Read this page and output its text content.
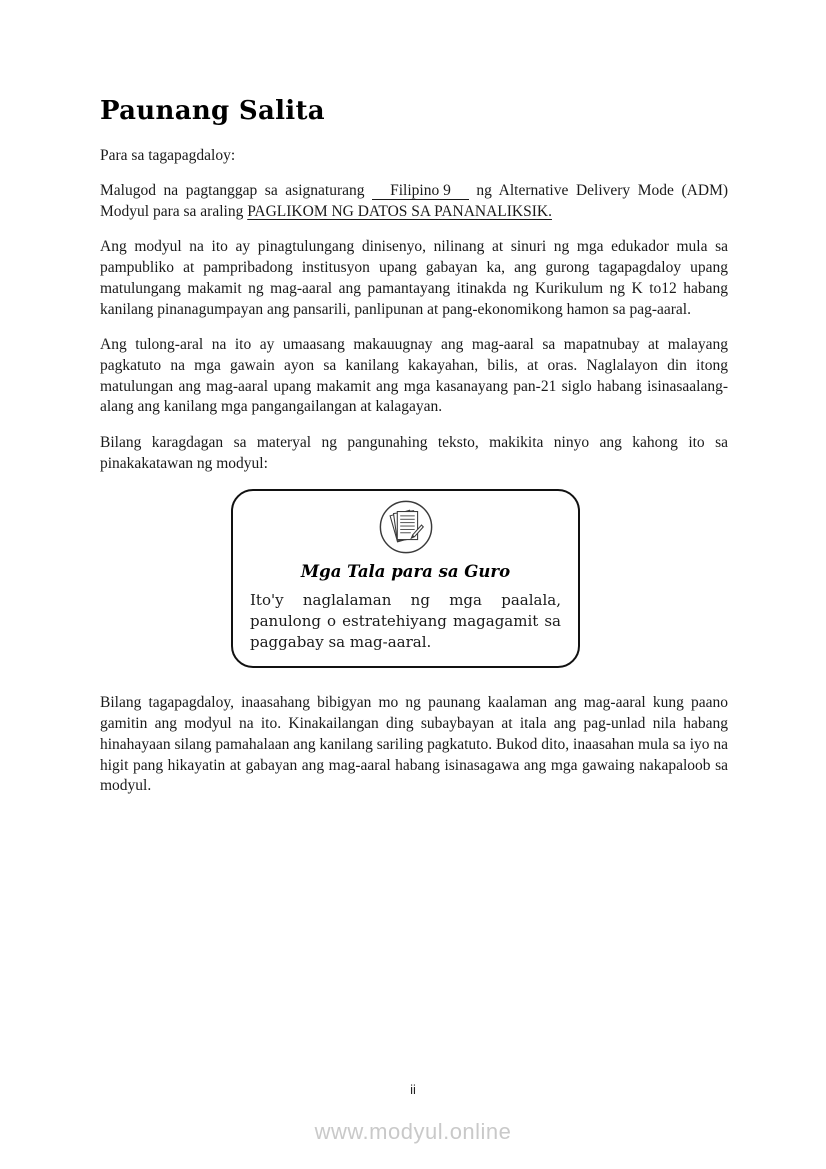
Paunang Salita

Para sa tagapagdaloy:

Malugod na pagtanggap sa asignaturang Filipino 9 ng Alternative Delivery Mode (ADM) Modyul para sa araling PAGLIKOM NG DATOS SA PANANALIKSIK.

Ang modyul na ito ay pinagtulungang dinisenyo, nilinang at sinuri ng mga edukador mula sa pampubliko at pampribadong institusyon upang gabayan ka, ang gurong tagapagdaloy upang matulungang makamit ng mag-aaral ang pamantayang itinakda ng Kurikulum ng K to12 habang kanilang pinanagumpayan ang pansarili, panlipunan at pang-ekonomikong hamon sa pag-aaral.

Ang tulong-aral na ito ay umaasang makauugnay ang mag-aaral sa mapatnubay at malayang pagkatuto na mga gawain ayon sa kanilang kakayahan, bilis, at oras. Naglalayon din itong matulungan ang mag-aaral upang makamit ang mga kasanayang pan-21 siglo habang isinasaalang-alang ang kanilang mga pangangailangan at kalagayan.

Bilang karagdagan sa materyal ng pangunahing teksto, makikita ninyo ang kahong ito sa pinakakatawan ng modyul:

Mga Tala para sa Guro
Ito'y naglalaman ng mga paalala, panulong o estratehiyang magagamit sa paggabay sa mag-aaral.

Bilang tagapagdaloy, inaasahang bibigyan mo ng paunang kaalaman ang mag-aaral kung paano gamitin ang modyul na ito. Kinakailangan ding subaybayan at itala ang pag-unlad nila habang hinahayaan silang pamahalaan ang kanilang sariling pagkatuto. Bukod dito, inaasahan mula sa iyo na higit pang hikayatin at gabayan ang mag-aaral habang isinasagawa ang mga gawaing nakapaloob sa modyul.

ii
www.modyul.online
